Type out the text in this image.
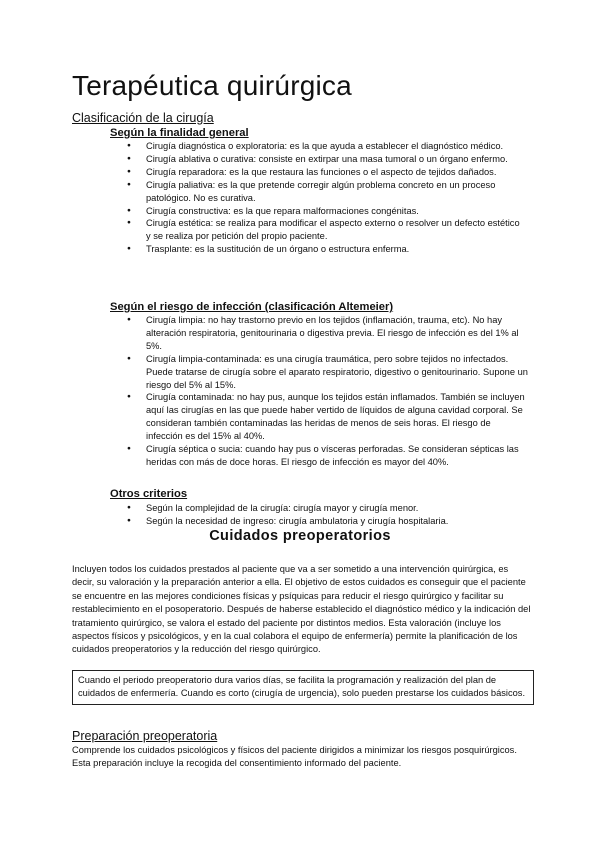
Terapéutica quirúrgica
Clasificación de la cirugía
Según la finalidad general
● Cirugía diagnóstica o exploratoria: es la que ayuda a establecer el diagnóstico médico.
● Cirugía ablativa o curativa: consiste en extirpar una masa tumoral o un órgano enfermo.
● Cirugía reparadora: es la que restaura las funciones o el aspecto de tejidos dañados.
● Cirugía paliativa: es la que pretende corregir algún problema concreto en un proceso patológico. No es curativa.
● Cirugía constructiva: es la que repara malformaciones congénitas.
● Cirugía estética: se realiza para modificar el aspecto externo o resolver un defecto estético y se realiza por petición del propio paciente.
● Trasplante: es la sustitución de un órgano o estructura enferma.
Según el riesgo de infección (clasificación Altemeier)
● Cirugía limpia: no hay trastorno previo en los tejidos (inflamación, trauma, etc). No hay alteración respiratoria, genitourinaria o digestiva previa. El riesgo de infección es del 1% al 5%.
● Cirugía limpia-contaminada: es una cirugía traumática, pero sobre tejidos no infectados. Puede tratarse de cirugía sobre el aparato respiratorio, digestivo o genitourinario. Supone un riesgo del 5% al 15%.
● Cirugía contaminada: no hay pus, aunque los tejidos están inflamados. También se incluyen aquí las cirugías en las que puede haber vertido de líquidos de alguna cavidad corporal. Se consideran también contaminadas las heridas de menos de seis horas. El riesgo de infección es del 15% al 40%.
● Cirugía séptica o sucia: cuando hay pus o vísceras perforadas. Se consideran sépticas las heridas con más de doce horas. El riesgo de infección es mayor del 40%.
Otros criterios
● Según la complejidad de la cirugía: cirugía mayor y cirugía menor.
● Según la necesidad de ingreso: cirugía ambulatoria y cirugía hospitalaria.
Cuidados preoperatorios

Incluyen todos los cuidados prestados al paciente que va a ser sometido a una intervención quirúrgica, es decir, su valoración y la preparación anterior a ella. El objetivo de estos cuidados es conseguir que el paciente se encuentre en las mejores condiciones físicas y psíquicas para reducir el riesgo quirúrgico y facilitar su restablecimiento en el posoperatorio. Después de haberse establecido el diagnóstico médico y la indicación del tratamiento quirúrgico, se valora el estado del paciente por distintos medios. Esta valoración (incluye los aspectos físicos y psicológicos, y en la cual colabora el equipo de enfermería) permite la planificación de los cuidados preoperatorios y la reducción del riesgo quirúrgico.

Cuando el periodo preoperatorio dura varios días, se facilita la programación y realización del plan de cuidados de enfermería. Cuando es corto (cirugía de urgencia), solo pueden prestarse los cuidados básicos.
Preparación preoperatoria

Comprende los cuidados psicológicos y físicos del paciente dirigidos a minimizar los riesgos posquirúrgicos. Esta preparación incluye la recogida del consentimiento informado del paciente.
